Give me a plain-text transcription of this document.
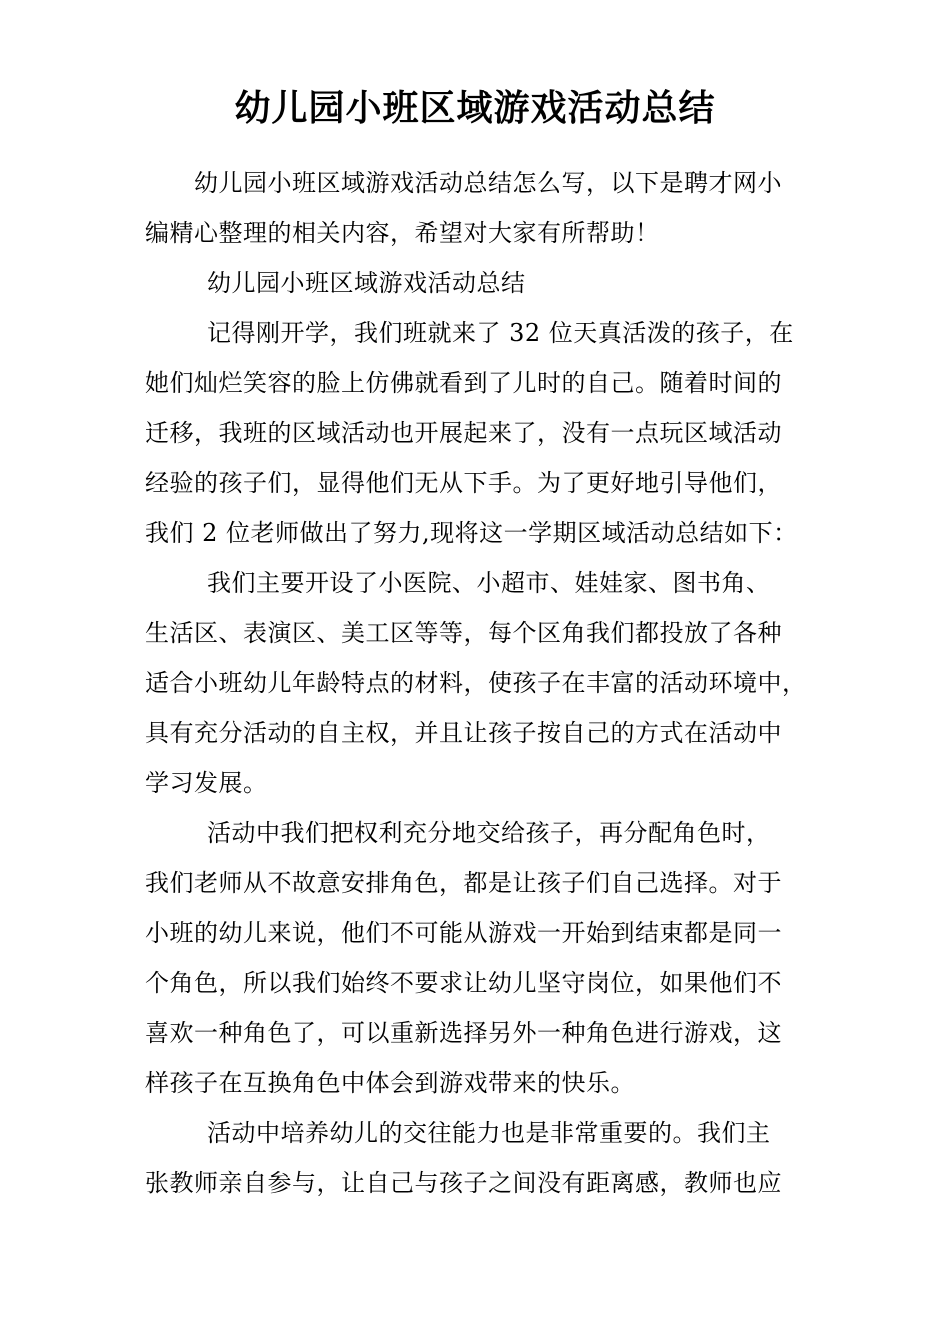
幼儿园小班区域游戏活动总结
幼儿园小班区域游戏活动总结怎么写，以下是聘才网小
编精心整理的相关内容，希望对大家有所帮助！
幼儿园小班区域游戏活动总结
记得刚开学，我们班就来了 32 位天真活泼的孩子，在
她们灿烂笑容的脸上仿佛就看到了儿时的自己。随着时间的
迁移，我班的区域活动也开展起来了，没有一点玩区域活动
经验的孩子们，显得他们无从下手。为了更好地引导他们，
我们 2 位老师做出了努力,现将这一学期区域活动总结如下：
我们主要开设了小医院、小超市、娃娃家、图书角、
生活区、表演区、美工区等等，每个区角我们都投放了各种
适合小班幼儿年龄特点的材料，使孩子在丰富的活动环境中，
具有充分活动的自主权，并且让孩子按自己的方式在活动中
学习发展。
活动中我们把权利充分地交给孩子，再分配角色时，
我们老师从不故意安排角色，都是让孩子们自己选择。对于
小班的幼儿来说，他们不可能从游戏一开始到结束都是同一
个角色，所以我们始终不要求让幼儿坚守岗位，如果他们不
喜欢一种角色了，可以重新选择另外一种角色进行游戏，这
样孩子在互换角色中体会到游戏带来的快乐。
活动中培养幼儿的交往能力也是非常重要的。我们主
张教师亲自参与，让自己与孩子之间没有距离感，教师也应
